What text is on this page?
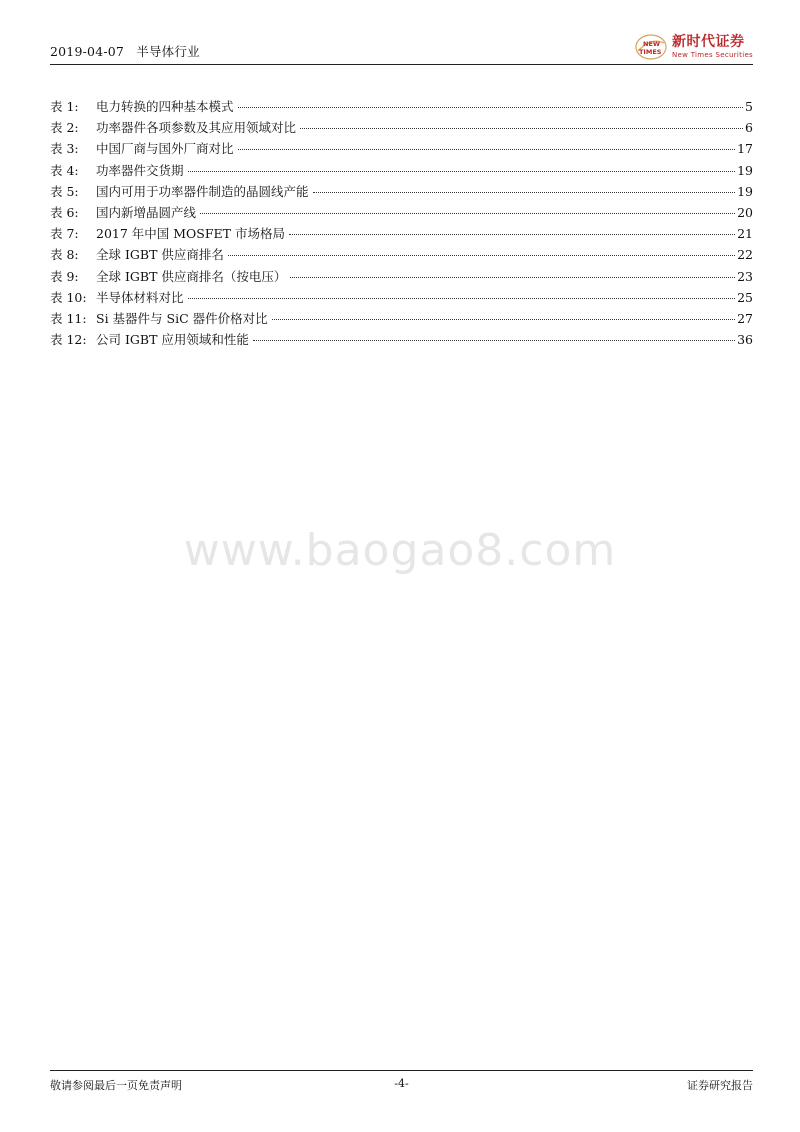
2019-04-07 半导体行业	NEW
TIMES
新时代证券
New Times Securities
表 1:	电力转换的四种基本模式	5
表 2:	功率器件各项参数及其应用领域对比	6
表 3:	中国厂商与国外厂商对比	17
表 4:	功率器件交货期	19
表 5:	国内可用于功率器件制造的晶圆线产能	19
表 6:	国内新增晶圆产线	20
表 7:	2017 年中国 MOSFET 市场格局	21
表 8:	全球 IGBT 供应商排名	22
表 9:	全球 IGBT 供应商排名（按电压）	23
表 10: 半导体材料对比	25
表 11: Si 基器件与 SiC 器件价格对比	27
表 12: 公司 IGBT 应用领域和性能	36
www.baogao8.com
敬请参阅最后一页免责声明	-4-	证券研究报告
